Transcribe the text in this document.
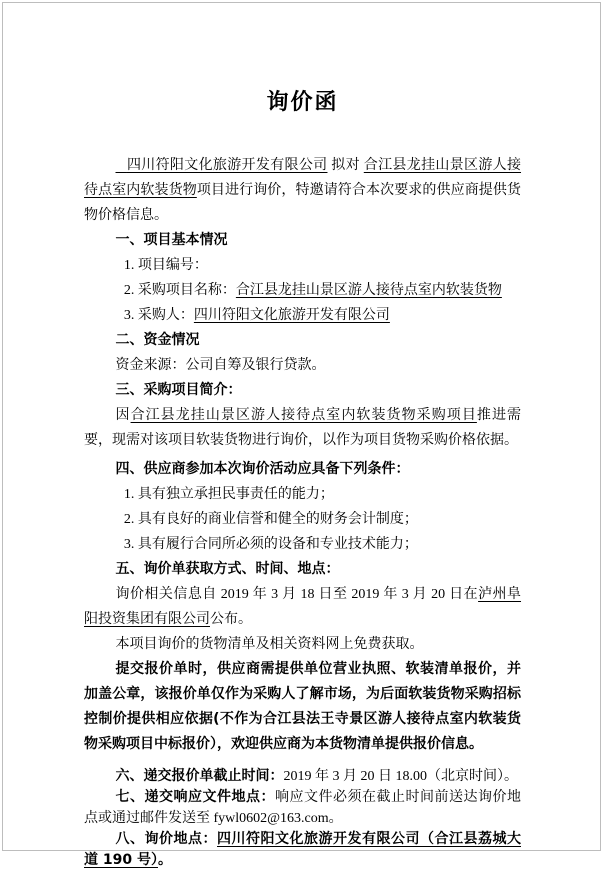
询价函

四川符阳文化旅游开发有限公司 拟对 合江县龙挂山景区游人接待点室内软装货物项目进行询价，特邀请符合本次要求的供应商提供货物价格信息。

一、项目基本情况

1. 项目编号：

2. 采购项目名称：合江县龙挂山景区游人接待点室内软装货物

3. 采购人：四川符阳文化旅游开发有限公司

二、资金情况

资金来源：公司自筹及银行贷款。

三、采购项目简介：

因合江县龙挂山景区游人接待点室内软装货物采购项目推进需要，现需对该项目软装货物进行询价，以作为项目货物采购价格依据。

四、供应商参加本次询价活动应具备下列条件：

1. 具有独立承担民事责任的能力；

2. 具有良好的商业信誉和健全的财务会计制度；

3. 具有履行合同所必须的设备和专业技术能力；

五、询价单获取方式、时间、地点：

询价相关信息自 2019 年 3 月 18 日至 2019 年 3 月 20 日在泸州阜阳投资集团有限公司公布。

本项目询价的货物清单及相关资料网上免费获取。

提交报价单时，供应商需提供单位营业执照、软装清单报价，并加盖公章，该报价单仅作为采购人了解市场，为后面软装货物采购招标控制价提供相应依据(不作为合江县法王寺景区游人接待点室内软装货物采购项目中标报价），欢迎供应商为本货物清单提供报价信息。

六、递交报价单截止时间：2019 年 3 月 20 日 18.00（北京时间）。

七、递交响应文件地点：响应文件必须在截止时间前送达询价地点或通过邮件发送至 fywl0602@163.com。

八、询价地点：四川符阳文化旅游开发有限公司（合江县荔城大道 190 号）。
